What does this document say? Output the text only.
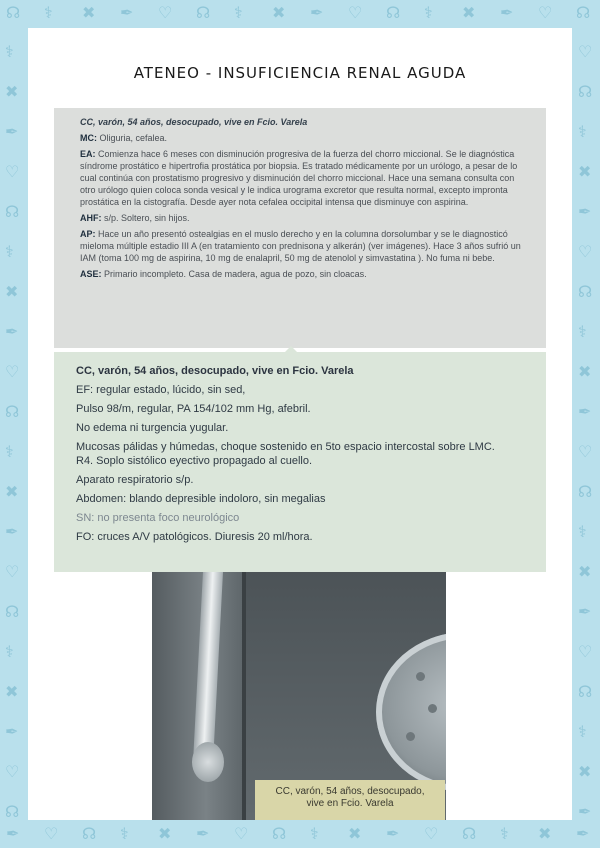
☊
✒
⚕
♡
✖
☊
✒
⚕
♡
✖
☊
✒
⚕
♡
✖
☊
✒
⚕
♡
✖
☊
✒
⚕
♡
✖
☊
✒
⚕
♡
✖
☊
✒
⚕	♡
✖	☊
✒	⚕
♡	✖
☊	✒
⚕	♡
✖	☊
✒	⚕
♡	✖
☊	✒
⚕	♡
✖	☊
✒	⚕
♡	✖
☊	✒
⚕	♡
✖	☊
✒	⚕
♡	✖
☊	✒
ATENEO - INSUFICIENCIA RENAL AGUDA

CC, varón, 54 años, desocupado, vive en Fcio. Varela

MC: Oliguria, cefalea.

EA: Comienza hace 6 meses con disminución progresiva de la fuerza del chorro miccional. Se le diagnóstica síndrome prostático e hipertrofia prostática por biopsia. Es tratado médicamente por un urólogo, a pesar de lo cual continúa con prostatismo progresivo y disminución del chorro miccional. Hace una semana consulta con otro urólogo quien coloca sonda vesical y le indica urograma excretor que resulta normal, excepto impronta prostática en la cistografía. Desde ayer nota cefalea occipital intensa que disminuye con aspirina.

AHF: s/p. Soltero, sin hijos.

AP: Hace un año presentó ostealgias en el muslo derecho y en la columna dorsolumbar y se le diagnosticó mieloma múltiple estadio III A (en tratamiento con prednisona y alkerán) (ver imágenes). Hace 3 años sufrió un IAM (toma 100 mg de aspirina, 10 mg de enalapril, 50 mg de atenolol y simvastatina ). No fuma ni bebe.

ASE: Primario incompleto. Casa de madera, agua de pozo, sin cloacas.

CC, varón, 54 años, desocupado, vive en Fcio. Varela

EF: regular estado, lúcido, sin sed,

Pulso 98/m, regular, PA 154/102 mm Hg, afebril.

No edema ni turgencia yugular.

Mucosas pálidas y húmedas, choque sostenido en 5to espacio intercostal sobre LMC.

R4. Soplo sistólico eyectivo propagado al cuello.

Aparato respiratorio s/p.

Abdomen: blando depresible indoloro, sin megalias

SN: no presenta foco neurológico

FO: cruces A/V patológicos. Diuresis 20 ml/hora.

CC, varón, 54 años, desocupado,
vive en Fcio. Varela
